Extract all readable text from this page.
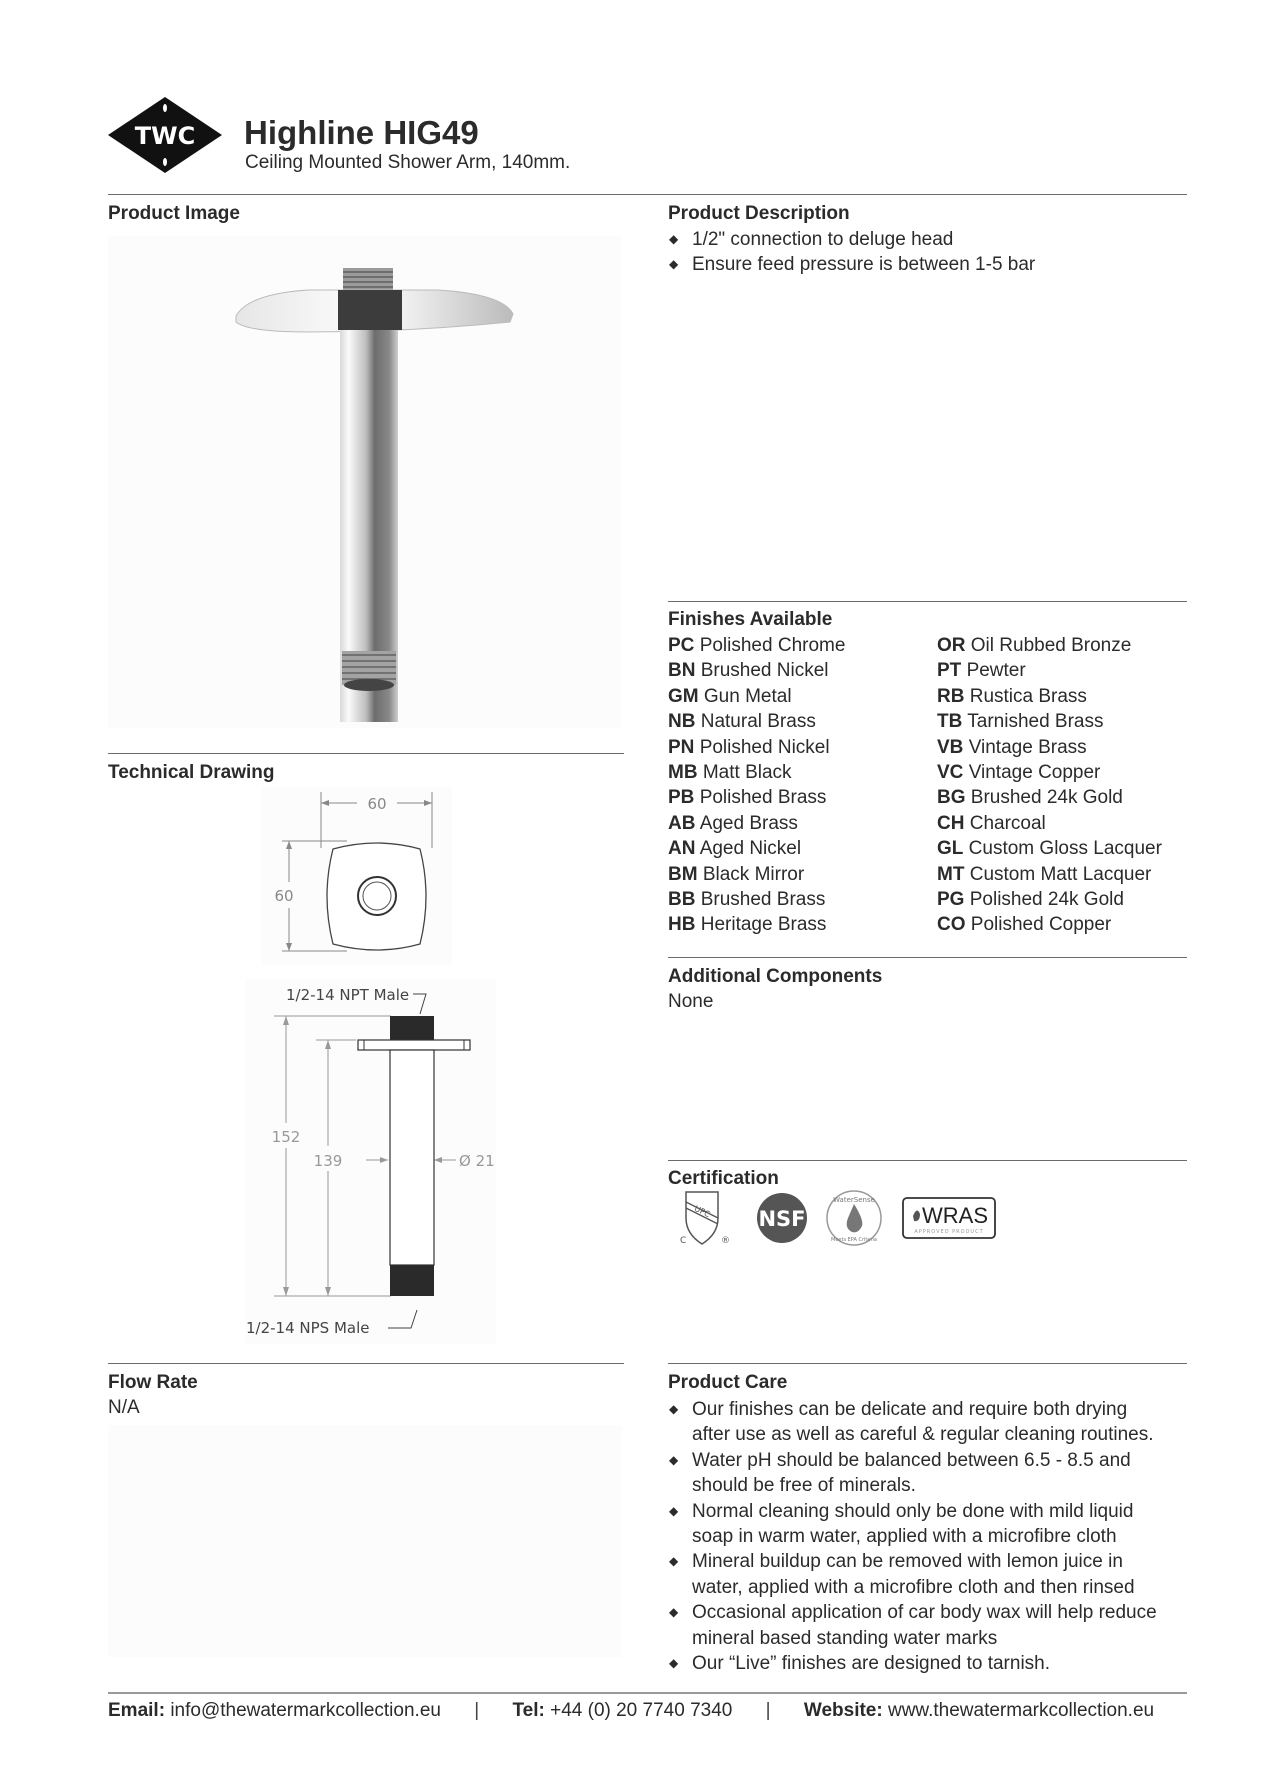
TWC Highline HIG49
Ceiling Mounted Shower Arm, 140mm.
Product Image
Technical Drawing
60
60
1/2-14 NPT Male
1/2-14 NPS Male
152
139	Ø 21
Flow Rate
N/A
Product Description
◆ 1/2" connection to deluge head
◆ Ensure feed pressure is between 1-5 bar
Finishes Available
PC Polished Chrome
BN Brushed Nickel
GM Gun Metal
NB Natural Brass
PN Polished Nickel
MB Matt Black
PB Polished Brass
AB Aged Brass
AN Aged Nickel
BM Black Mirror
BB Brushed Brass
HB Heritage Brass
OR Oil Rubbed Bronze
PT Pewter
RB Rustica Brass
TB Tarnished Brass
VB Vintage Brass
VC Vintage Copper
BG Brushed 24k Gold
CH Charcoal
GL Custom Gloss Lacquer
MT Custom Matt Lacquer
PG Polished 24k Gold
CO Polished Copper
Additional Components
None
Certification
UPC
C	®
NSF
WaterSense
Meets EPA Criteria
WRAS
APPROVED PRODUCT
Product Care
◆ Our finishes can be delicate and require both drying
after use as well as careful & regular cleaning routines.
◆ Water pH should be balanced between 6.5 - 8.5 and
should be free of minerals.
◆ Normal cleaning should only be done with mild liquid
soap in warm water, applied with a microfibre cloth
◆ Mineral buildup can be removed with lemon juice in
water, applied with a microfibre cloth and then rinsed
◆ Occasional application of car body wax will help reduce
mineral based standing water marks
◆ Our “Live” finishes are designed to tarnish.
Email: info@thewatermarkcollection.eu | Tel: +44 (0) 20 7740 7340 | Website: www.thewatermarkcollection.eu
